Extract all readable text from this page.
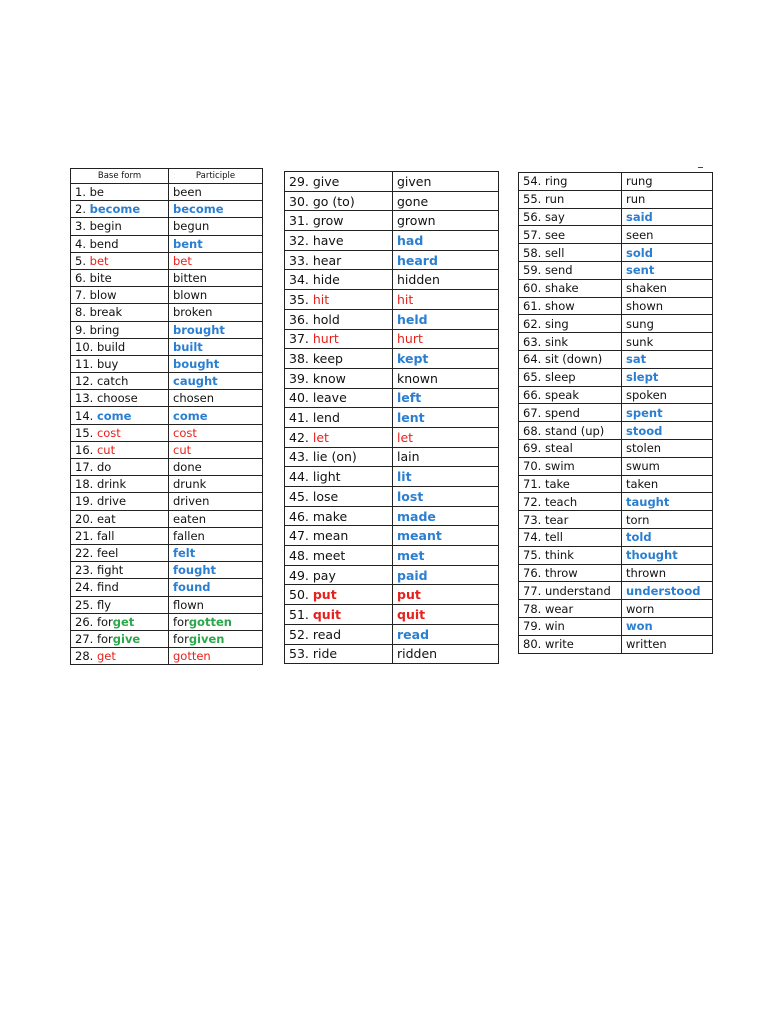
Base form	Participle
1. be	been
2. become	become
3. begin	begun
4. bend	bent
5. bet	bet
6. bite	bitten
7. blow	blown
8. break	broken
9. bring	brought
10. build	built
11. buy	bought
12. catch	caught
13. choose	chosen
14. come	come
15. cost	cost
16. cut	cut
17. do	done
18. drink	drunk
19. drive	driven
20. eat	eaten
21. fall	fallen
22. feel	felt
23. fight	fought
24. find	found
25. fly	flown
26. forget	forgotten
27. forgive	forgiven
28. get	gotten
29. give	given
30. go (to)	gone
31. grow	grown
32. have	had
33. hear	heard
34. hide	hidden
35. hit	hit
36. hold	held
37. hurt	hurt
38. keep	kept
39. know	known
40. leave	left
41. lend	lent
42. let	let
43. lie (on)	lain
44. light	lit
45. lose	lost
46. make	made
47. mean	meant
48. meet	met
49. pay	paid
50. put	put
51. quit	quit
52. read	read
53. ride	ridden
54. ring	rung
55. run	run
56. say	said
57. see	seen
58. sell	sold
59. send	sent
60. shake	shaken
61. show	shown
62. sing	sung
63. sink	sunk
64. sit (down)	sat
65. sleep	slept
66. speak	spoken
67. spend	spent
68. stand (up)	stood
69. steal	stolen
70. swim	swum
71. take	taken
72. teach	taught
73. tear	torn
74. tell	told
75. think	thought
76. throw	thrown
77. understand	understood
78. wear	worn
79. win	won
80. write	written
